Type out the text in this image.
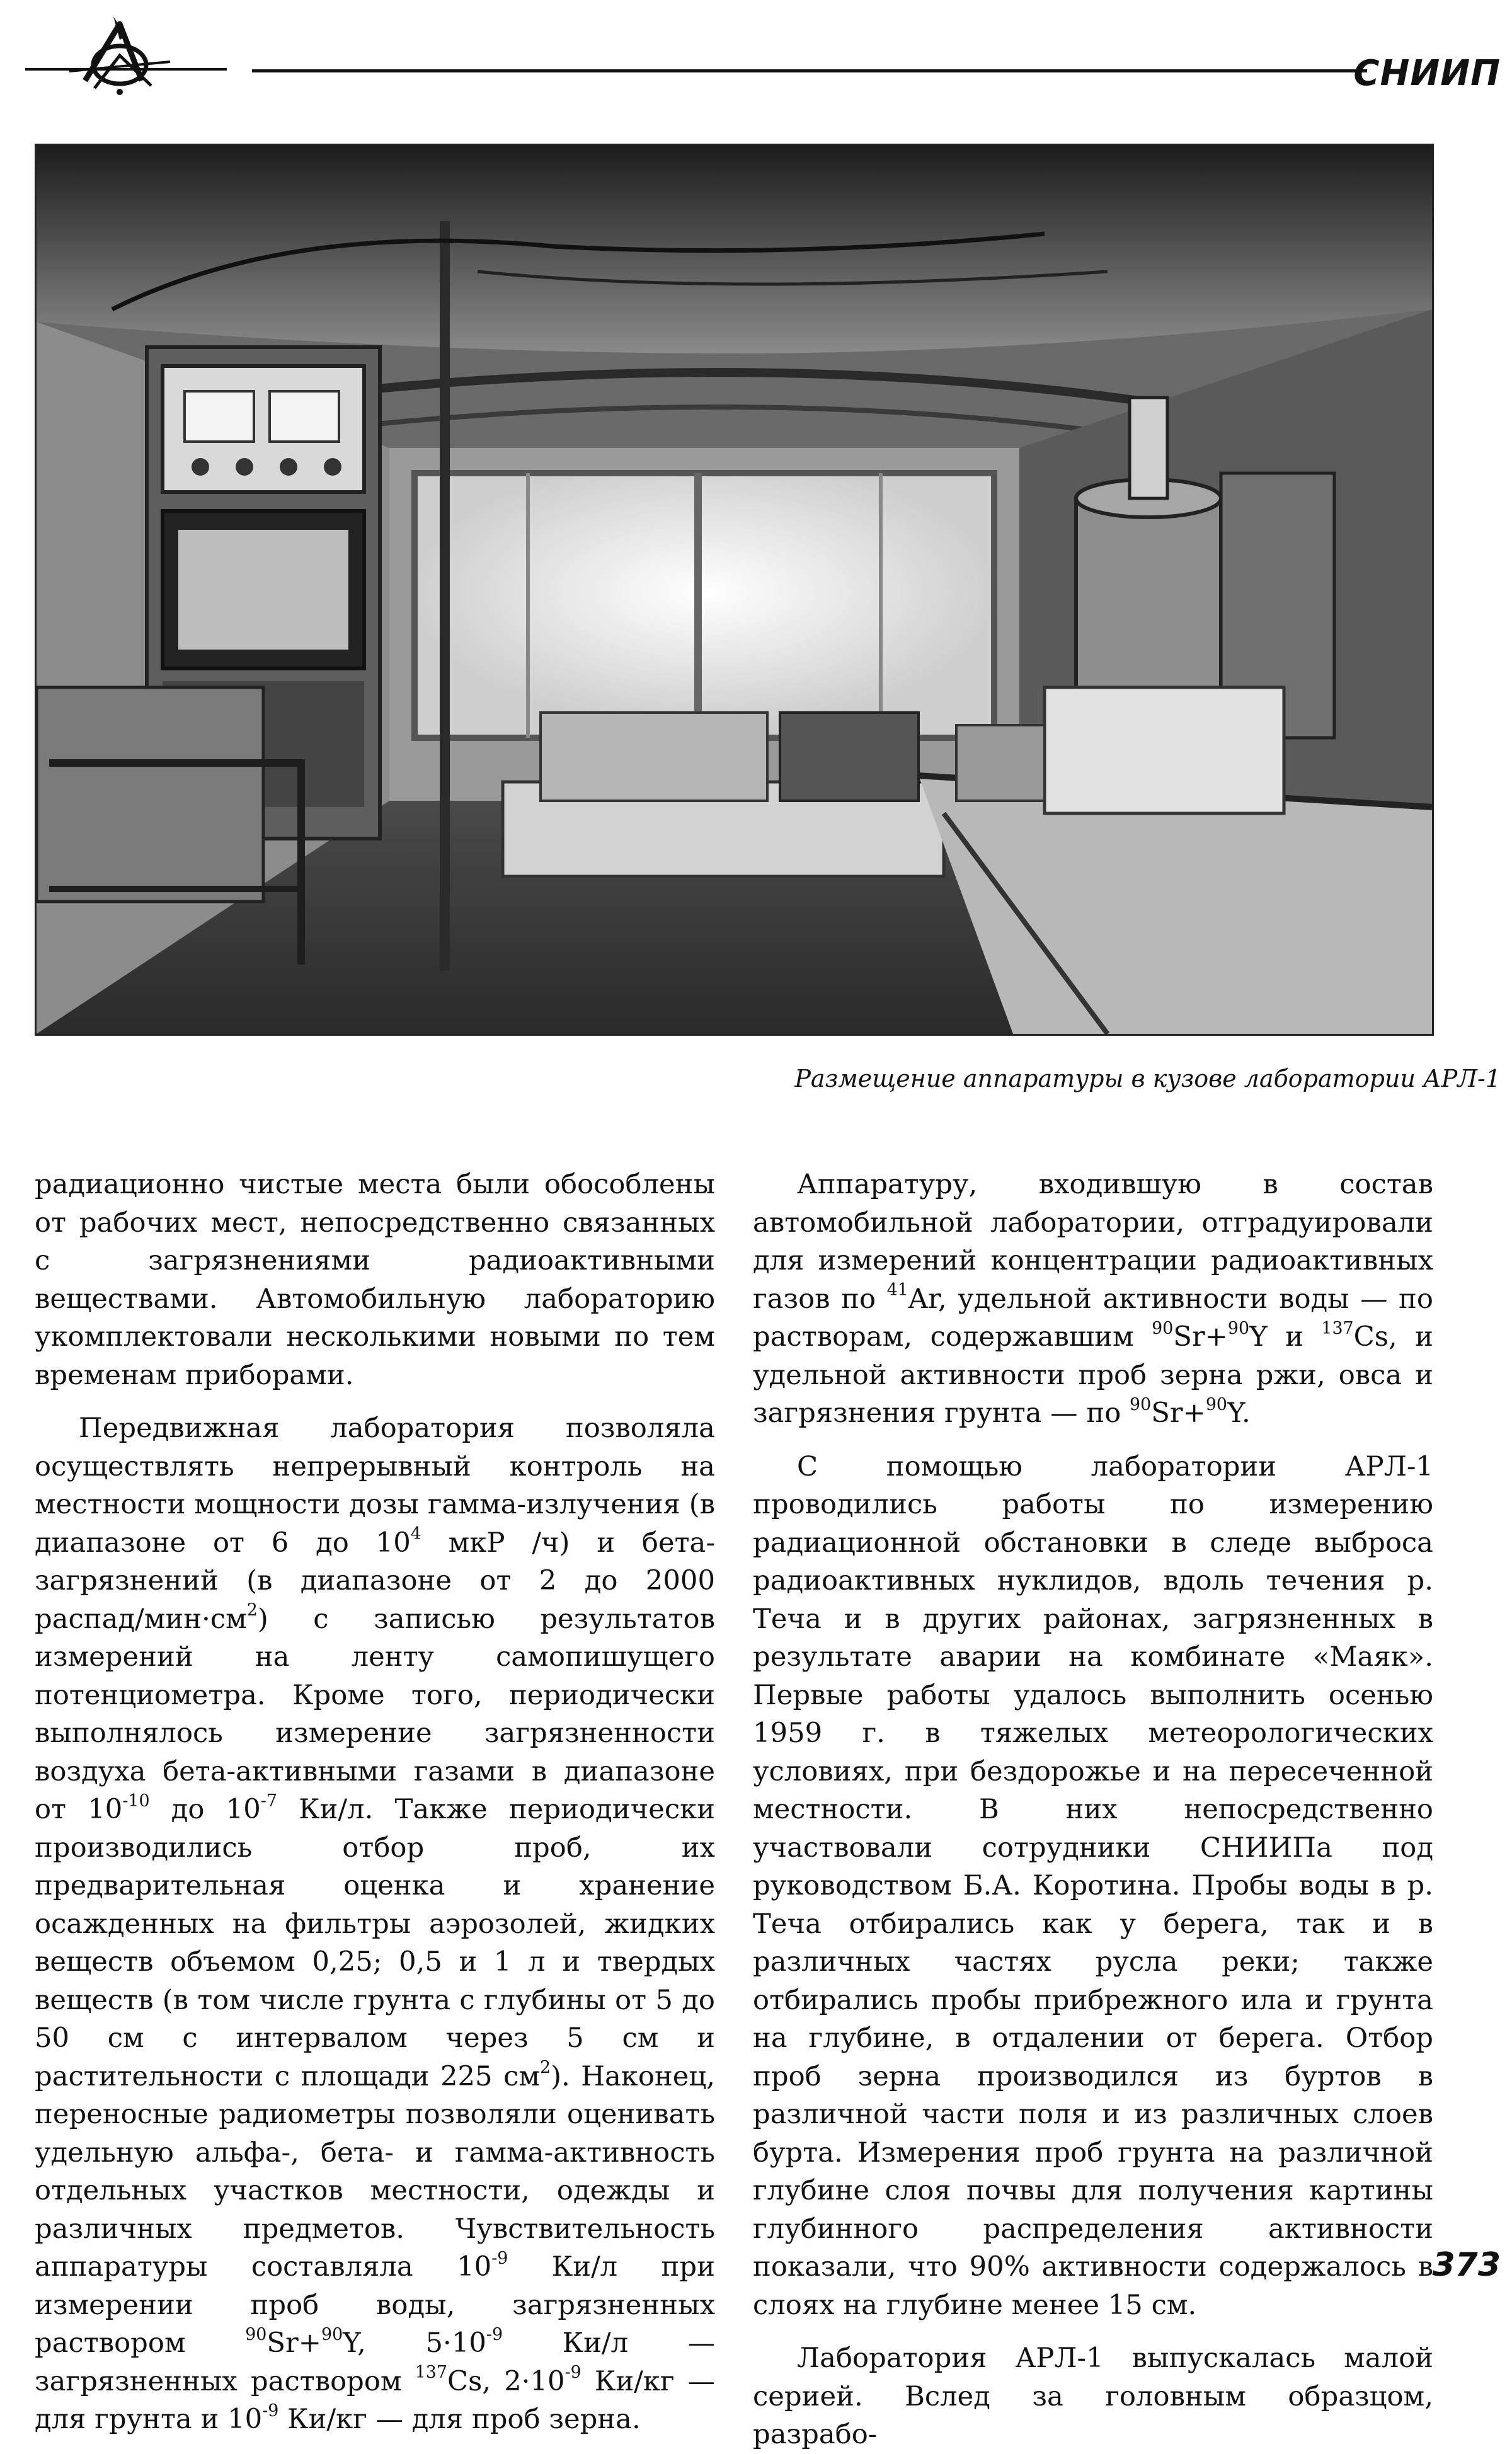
СНИИП
Размещение аппаратуры в кузове лаборатории АРЛ-1

радиационно чистые места были обособлены от рабочих мест, непосредственно связанных с загрязнениями радиоактивными веществами. Автомобильную лабораторию укомплектовали несколькими новыми по тем временам приборами.

Передвижная лаборатория позволяла осуществлять непрерывный контроль на местности мощности дозы гамма-излучения (в диапазоне от 6 до $10^4$ мкР /ч) и бета-загрязнений (в диапазоне от 2 до 2000 распад/$мин\cdot см^2$) с записью результатов измерений на ленту самопишущего потенциометра. Кроме того, периодически выполнялось измерение загрязненности воздуха бета-активными газами в диапазоне от $10^{-10}$ до $10^{-7}$ Ки/л. Также периодически производились отбор проб, их предварительная оценка и хранение осажденных на фильтры аэрозолей, жидких веществ объемом 0,25; 0,5 и 1 л и твердых веществ (в том числе грунта с глубины от 5 до 50 см с интервалом через 5 см и растительности с площади 225 $см^2$). Наконец, переносные радиометры позволяли оценивать удельную альфа-, бета- и гамма-активность отдельных участков местности, одежды и различных предметов. Чувствительность аппаратуры составляла $10^{-9}$ Ки/л при измерении проб воды, загрязненных раствором $^{90}$Sr+$^{90}$Y, $5\cdot 10^{-9}$ Ки/л — загрязненных раствором $^{137}$Cs, $2\cdot 10^{-9}$ Ки/кг — для грунта и $10^{-9}$ Ки/кг — для проб зерна.

Аппаратуру, входившую в состав автомобильной лаборатории, отградуировали для измерений концентрации радиоактивных газов по $^{41}$Ar, удельной активности воды — по растворам, содержавшим $^{90}$Sr+$^{90}$Y и $^{137}$Cs, и удельной активности проб зерна ржи, овса и загрязнения грунта — по $^{90}$Sr+$^{90}$Y.

С помощью лаборатории АРЛ-1 проводились работы по измерению радиационной обстановки в следе выброса радиоактивных нуклидов, вдоль течения р. Теча и в других районах, загрязненных в результате аварии на комбинате «Маяк». Первые работы удалось выполнить осенью 1959 г. в тяжелых метеорологических условиях, при бездорожье и на пересеченной местности. В них непосредственно участвовали сотрудники СНИИПа под руководством Б.А. Коротина. Пробы воды в р. Теча отбирались как у берега, так и в различных частях русла реки; также отбирались пробы прибрежного ила и грунта на глубине, в отдалении от берега. Отбор проб зерна производился из буртов в различной части поля и из различных слоев бурта. Измерения проб грунта на различной глубине слоя почвы для получения картины глубинного распределения активности показали, что 90% активности содержалось в слоях на глубине менее 15 см.

Лаборатория АРЛ-1 выпускалась малой серией. Вслед за головным образцом, разрабо-

373
